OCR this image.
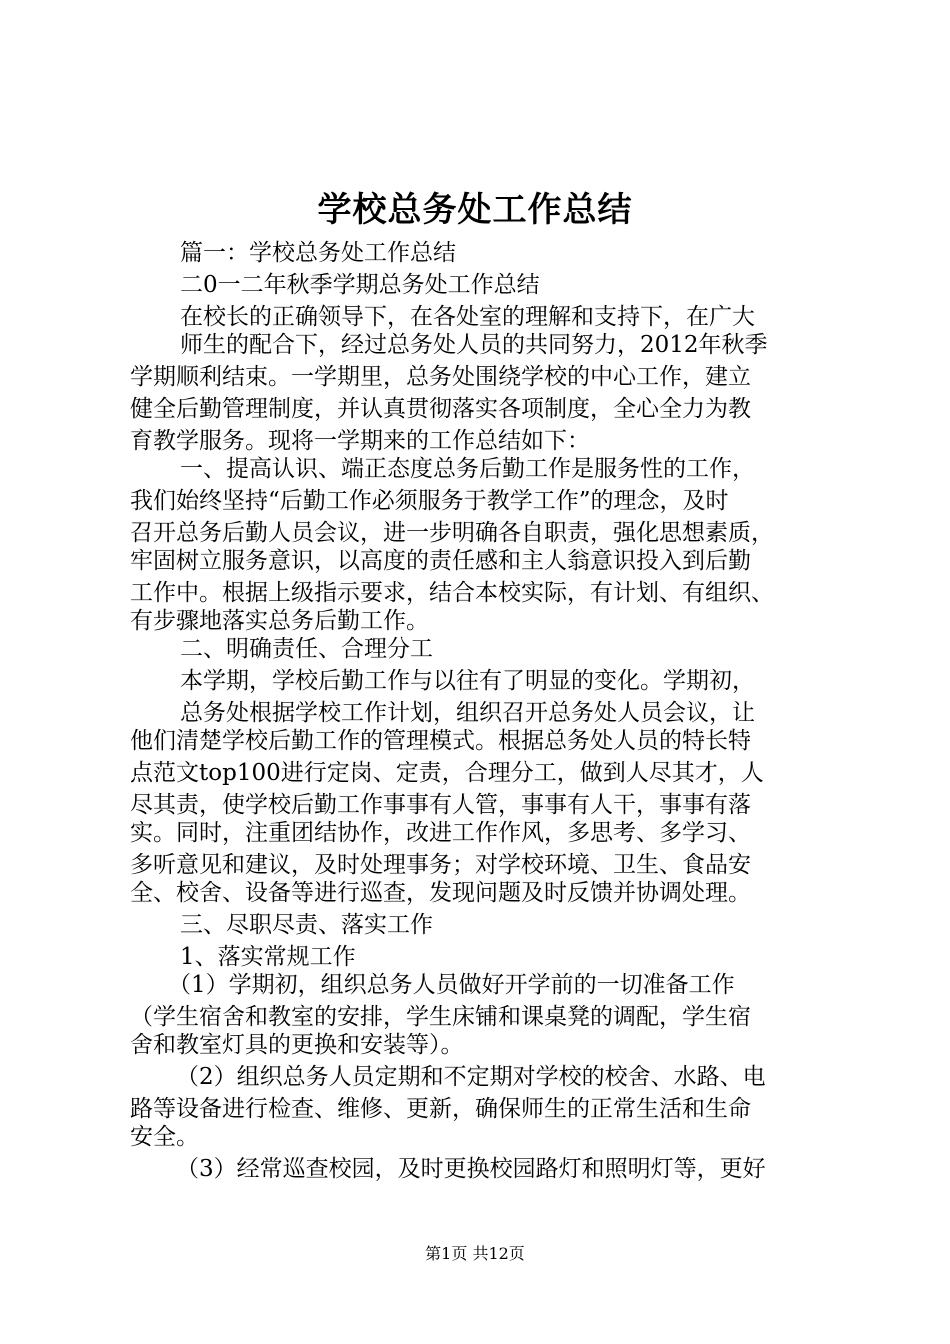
学校总务处工作总结
篇一：学校总务处工作总结
二0一二年秋季学期总务处工作总结
在校长的正确领导下，在各处室的理解和支持下，在广大
师生的配合下，经过总务处人员的共同努力，2012年秋季
学期顺利结束。一学期里，总务处围绕学校的中心工作，建立
健全后勤管理制度，并认真贯彻落实各项制度，全心全力为教
育教学服务。现将一学期来的工作总结如下：
一、提高认识、端正态度总务后勤工作是服务性的工作，
我们始终坚持“后勤工作必须服务于教学工作”的理念，及时
召开总务后勤人员会议，进一步明确各自职责，强化思想素质，
牢固树立服务意识，以高度的责任感和主人翁意识投入到后勤
工作中。根据上级指示要求，结合本校实际，有计划、有组织、
有步骤地落实总务后勤工作。
二、明确责任、合理分工
本学期，学校后勤工作与以往有了明显的变化。学期初，
总务处根据学校工作计划，组织召开总务处人员会议，让
他们清楚学校后勤工作的管理模式。根据总务处人员的特长特
点范文top100进行定岗、定责，合理分工，做到人尽其才，人
尽其责，使学校后勤工作事事有人管，事事有人干，事事有落
实。同时，注重团结协作，改进工作作风，多思考、多学习、
多听意见和建议，及时处理事务；对学校环境、卫生、食品安
全、校舍、设备等进行巡查，发现问题及时反馈并协调处理。
三、尽职尽责、落实工作
1、落实常规工作
（1）学期初，组织总务人员做好开学前的一切准备工作
（学生宿舍和教室的安排，学生床铺和课桌凳的调配，学生宿
舍和教室灯具的更换和安装等）。
（2）组织总务人员定期和不定期对学校的校舍、水路、电
路等设备进行检查、维修、更新，确保师生的正常生活和生命
安全。
（3）经常巡查校园，及时更换校园路灯和照明灯等，更好
第1页 共12页
